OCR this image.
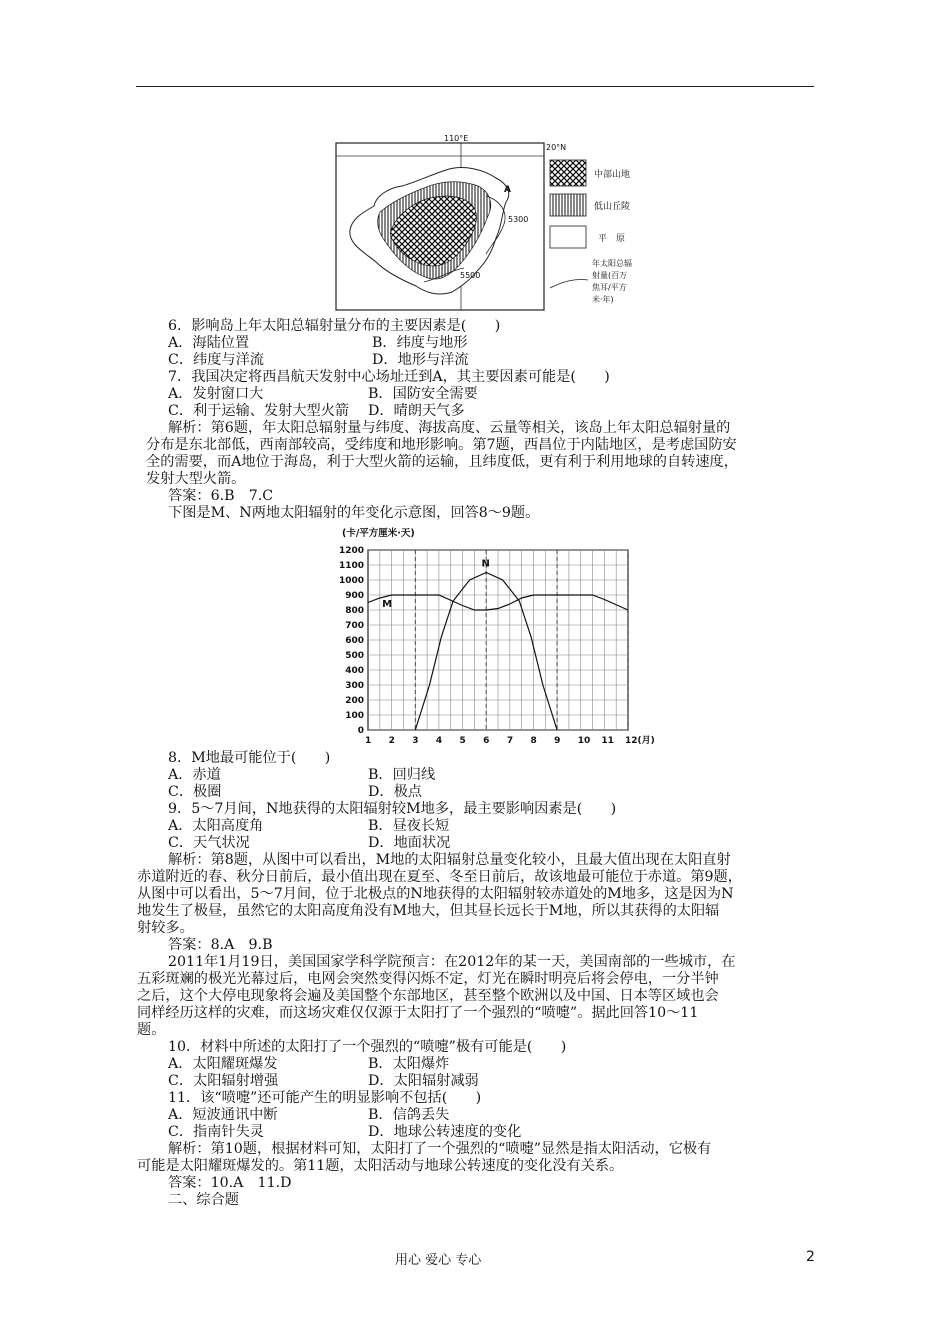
110°E
20°N
A
5300
5500
中部山地
低山丘陵
平　原
年太阳总辐
射量(百万
焦耳/平方
米·年)
6．影响岛上年太阳总辐射量分布的主要因素是(　　)
A．海陆位置	B．纬度与地形
C．纬度与洋流	D．地形与洋流
7．我国决定将西昌航天发射中心场址迁到A，其主要因素可能是(　　)
A．发射窗口大	B．国防安全需要
C．利于运输、发射大型火箭 D．晴朗天气多
解析：第6题，年太阳总辐射量与纬度、海拔高度、云量等相关，该岛上年太阳总辐射量的
分布是东北部低，西南部较高，受纬度和地形影响。第7题，西昌位于内陆地区，是考虑国防安
全的需要，而A地位于海岛，利于大型火箭的运输，且纬度低，更有利于利用地球的自转速度，
发射大型火箭。
答案：6.B　7.C
下图是M、N两地太阳辐射的年变化示意图，回答8～9题。
(卡/平方厘米·天)
0
100
200
300
400
500
600
700
800
900
1000
1100
1200
1 2 3 4 5 6 7 8 9 10 11 12(月)
M
N
8．M地最可能位于(　　)
A．赤道	B．回归线
C．极圈	D．极点
9．5～7月间，N地获得的太阳辐射较M地多，最主要影响因素是(　　)
A．太阳高度角	B．昼夜长短
C．天气状况	D．地面状况
解析：第8题，从图中可以看出，M地的太阳辐射总量变化较小，且最大值出现在太阳直射
赤道附近的春、秋分日前后，最小值出现在夏至、冬至日前后，故该地最可能位于赤道。第9题，
从图中可以看出，5～7月间，位于北极点的N地获得的太阳辐射较赤道处的M地多，这是因为N
地发生了极昼，虽然它的太阳高度角没有M地大，但其昼长远长于M地，所以其获得的太阳辐
射较多。
答案：8.A　9.B
2011年1月19日，美国国家学科学院预言：在2012年的某一天，美国南部的一些城市，在
五彩斑斓的极光光幕过后，电网会突然变得闪烁不定，灯光在瞬时明亮后将会停电，一分半钟
之后，这个大停电现象将会遍及美国整个东部地区，甚至整个欧洲以及中国、日本等区域也会
同样经历这样的灾难，而这场灾难仅仅源于太阳打了一个强烈的“喷嚏”。据此回答10～11
题。
10．材料中所述的太阳打了一个强烈的“喷嚏”极有可能是(　　)
A．太阳耀斑爆发	B．太阳爆炸
C．太阳辐射增强	D．太阳辐射减弱
11．该“喷嚏”还可能产生的明显影响不包括(　　)
A．短波通讯中断	B．信鸽丢失
C．指南针失灵	D．地球公转速度的变化
解析：第10题，根据材料可知，太阳打了一个强烈的“喷嚏”显然是指太阳活动，它极有
可能是太阳耀斑爆发的。第11题，太阳活动与地球公转速度的变化没有关系。
答案：10.A　11.D
二、综合题
用心 爱心 专心	2
